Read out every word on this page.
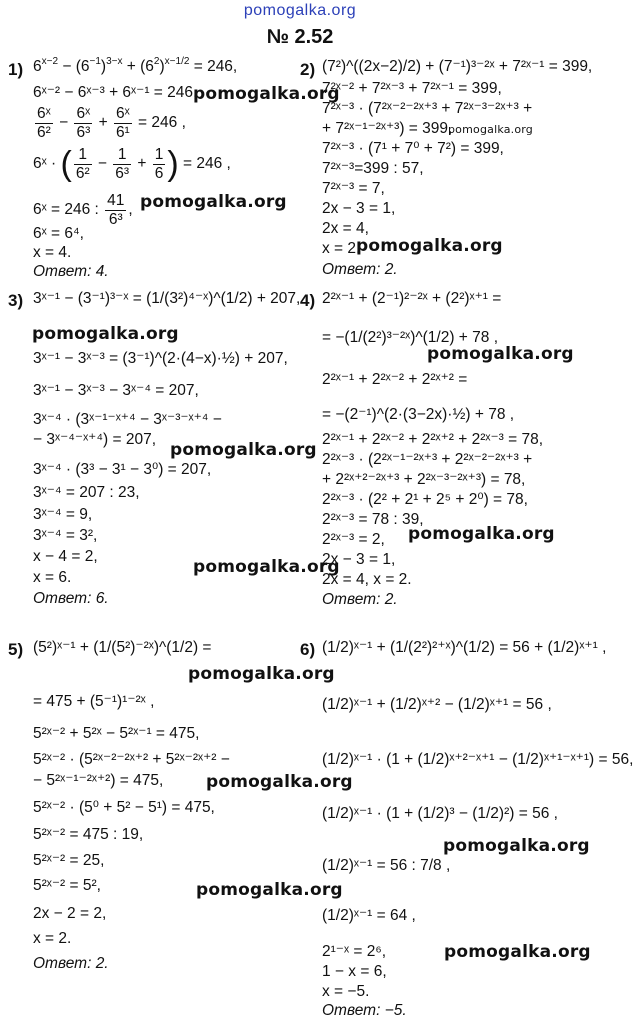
pomogalka.org
№ 2.52
1)	2)
3)	4)
5)	6)
$6^{x-2} - (6^{-1})^{3-x} + (6^2)^{x-1/2} = 246$,
6ˣ⁻² − 6ˣ⁻³ + 6ˣ⁻¹ = 246,
$\frac{\text{6ˣ}}{\text{6²}} - \frac{\text{6ˣ}}{\text{6³}} + \frac{\text{6ˣ}}{\text{6¹}} = 246$ ,
6ˣ · ( $\frac{1}{\text{6²}} - \frac{1}{\text{6³}} + \frac{1}{6}$ ) = 246 ,
6ˣ = 246 : $\frac{41}{\text{6³}}$ ,
6ˣ = 6⁴,
x = 4.
Ответ: 4.
(7²)^((2x−2)/2) + (7⁻¹)³⁻²ˣ + 7²ˣ⁻¹ = 399,
7²ˣ⁻² + 7²ˣ⁻³ + 7²ˣ⁻¹ = 399,
7²ˣ⁻³ · (7²ˣ⁻²⁻²ˣ⁺³ + 7²ˣ⁻³⁻²ˣ⁺³ +
+ 7²ˣ⁻¹⁻²ˣ⁺³) = 399,
7²ˣ⁻³ · (7¹ + 7⁰ + 7²) = 399,
7²ˣ⁻³=399 : 57,
7²ˣ⁻³ = 7,
2x − 3 = 1,
2x = 4,
x = 2.
Ответ: 2.
3ˣ⁻¹ − (3⁻¹)³⁻ˣ = (1/(3²)⁴⁻ˣ)^(1/2) + 207,
3ˣ⁻¹ − 3ˣ⁻³ = (3⁻¹)^(2·(4−x)·½) + 207,
3ˣ⁻¹ − 3ˣ⁻³ − 3ˣ⁻⁴ = 207,
3ˣ⁻⁴ · (3ˣ⁻¹⁻ˣ⁺⁴ − 3ˣ⁻³⁻ˣ⁺⁴ −
− 3ˣ⁻⁴⁻ˣ⁺⁴) = 207,
3ˣ⁻⁴ · (3³ − 3¹ − 3⁰) = 207,
3ˣ⁻⁴ = 207 : 23,
3ˣ⁻⁴ = 9,
3ˣ⁻⁴ = 3²,
x − 4 = 2,
x = 6.
Ответ: 6.
2²ˣ⁻¹ + (2⁻¹)²⁻²ˣ + (2²)ˣ⁺¹ =
= −(1/(2²)³⁻²ˣ)^(1/2) + 78 ,
2²ˣ⁻¹ + 2²ˣ⁻² + 2²ˣ⁺² =
= −(2⁻¹)^(2·(3−2x)·½) + 78 ,
2²ˣ⁻¹ + 2²ˣ⁻² + 2²ˣ⁺² + 2²ˣ⁻³ = 78,
2²ˣ⁻³ · (2²ˣ⁻¹⁻²ˣ⁺³ + 2²ˣ⁻²⁻²ˣ⁺³ +
+ 2²ˣ⁺²⁻²ˣ⁺³ + 2²ˣ⁻³⁻²ˣ⁺³) = 78,
2²ˣ⁻³ · (2² + 2¹ + 2⁵ + 2⁰) = 78,
2²ˣ⁻³ = 78 : 39,
2²ˣ⁻³ = 2,
2x − 3 = 1,
2x = 4, x = 2.
Ответ: 2.
(5²)ˣ⁻¹ + (1/(5²)⁻²ˣ)^(1/2) =
= 475 + (5⁻¹)¹⁻²ˣ ,
5²ˣ⁻² + 5²ˣ − 5²ˣ⁻¹ = 475,
5²ˣ⁻² · (5²ˣ⁻²⁻²ˣ⁺² + 5²ˣ⁻²ˣ⁺² −
− 5²ˣ⁻¹⁻²ˣ⁺²) = 475,
5²ˣ⁻² · (5⁰ + 5² − 5¹) = 475,
5²ˣ⁻² = 475 : 19,
5²ˣ⁻² = 25,
5²ˣ⁻² = 5²,
2x − 2 = 2,
x = 2.
Ответ: 2.
(1/2)ˣ⁻¹ + (1/(2²)²⁺ˣ)^(1/2) = 56 + (1/2)ˣ⁺¹ ,
(1/2)ˣ⁻¹ + (1/2)ˣ⁺² − (1/2)ˣ⁺¹ = 56 ,
(1/2)ˣ⁻¹ · (1 + (1/2)ˣ⁺²⁻ˣ⁺¹ − (1/2)ˣ⁺¹⁻ˣ⁺¹) = 56,
(1/2)ˣ⁻¹ · (1 + (1/2)³ − (1/2)²) = 56 ,
(1/2)ˣ⁻¹ = 56 : 7/8 ,
(1/2)ˣ⁻¹ = 64 ,
2¹⁻ˣ = 2⁶,
1 − x = 6,
x = −5.
Ответ: −5.
pomogalka.org
pomogalka.org
pomogalka.org
pomogalka.org
pomogalka.org
pomogalka.org
pomogalka.org
pomogalka.org
pomogalka.org
pomogalka.org
pomogalka.org
pomogalka.org
pomogalka.org
pomogalka.org
